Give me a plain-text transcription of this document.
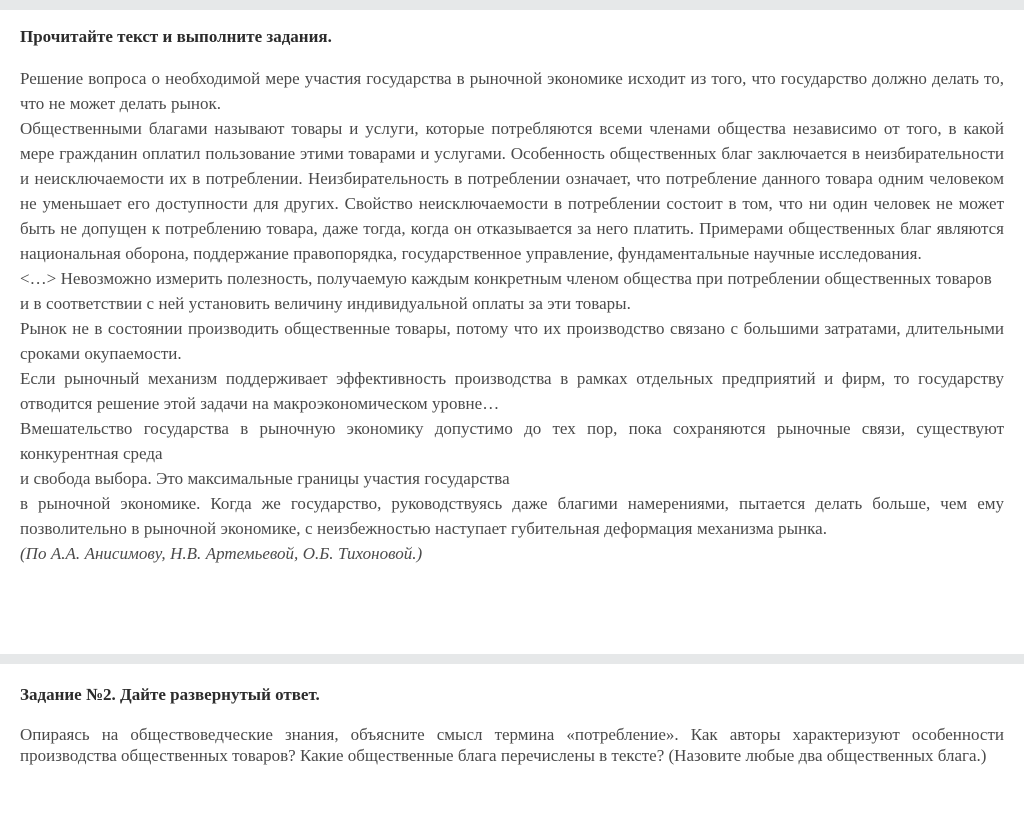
Прочитайте текст и выполните задания.

Решение вопроса о необходимой мере участия государства в рыночной экономике исходит из того, что государство должно делать то, что не может делать рынок.

Общественными благами называют товары и услуги, которые потребляются всеми членами общества независимо от того, в какой мере гражданин оплатил пользование этими товарами и услугами. Особенность общественных благ заключается в неизбирательности и неисключаемости их в потреблении. Неизбирательность в потреблении означает, что потребление данного товара одним человеком не уменьшает его доступности для других. Свойство неисключаемости в потреблении состоит в том, что ни один человек не может быть не допущен к потреблению товара, даже тогда, когда он отказывается за него платить. Примерами общественных благ являются национальная оборона, поддержание правопорядка, государственное управление, фундаментальные научные исследования.

<…> Невозможно измерить полезность, получаемую каждым конкретным членом общества при потреблении общественных товаров

и в соответствии с ней установить величину индивидуальной оплаты за эти товары.

Рынок не в состоянии производить общественные товары, потому что их производство связано с большими затратами, длительными сроками окупаемости.

Если рыночный механизм поддерживает эффективность производства в рамках отдельных предприятий и фирм, то государству отводится решение этой задачи на макроэкономическом уровне…

Вмешательство государства в рыночную экономику допустимо до тех пор, пока сохраняются рыночные связи, существуют конкурентная среда

и свобода выбора. Это максимальные границы участия государства

в рыночной экономике. Когда же государство, руководствуясь даже благими намерениями, пытается делать больше, чем ему позволительно в рыночной экономике, с неизбежностью наступает губительная деформация механизма рынка.

(По А.А. Анисимову, Н.В. Артемьевой, О.Б. Тихоновой.)

Задание №2. Дайте развернутый ответ.

Опираясь на обществоведческие знания, объясните смысл термина «потребление». Как авторы характеризуют особенности производства общественных товаров? Какие общественные блага перечислены в тексте? (Назовите любые два общественных блага.)
